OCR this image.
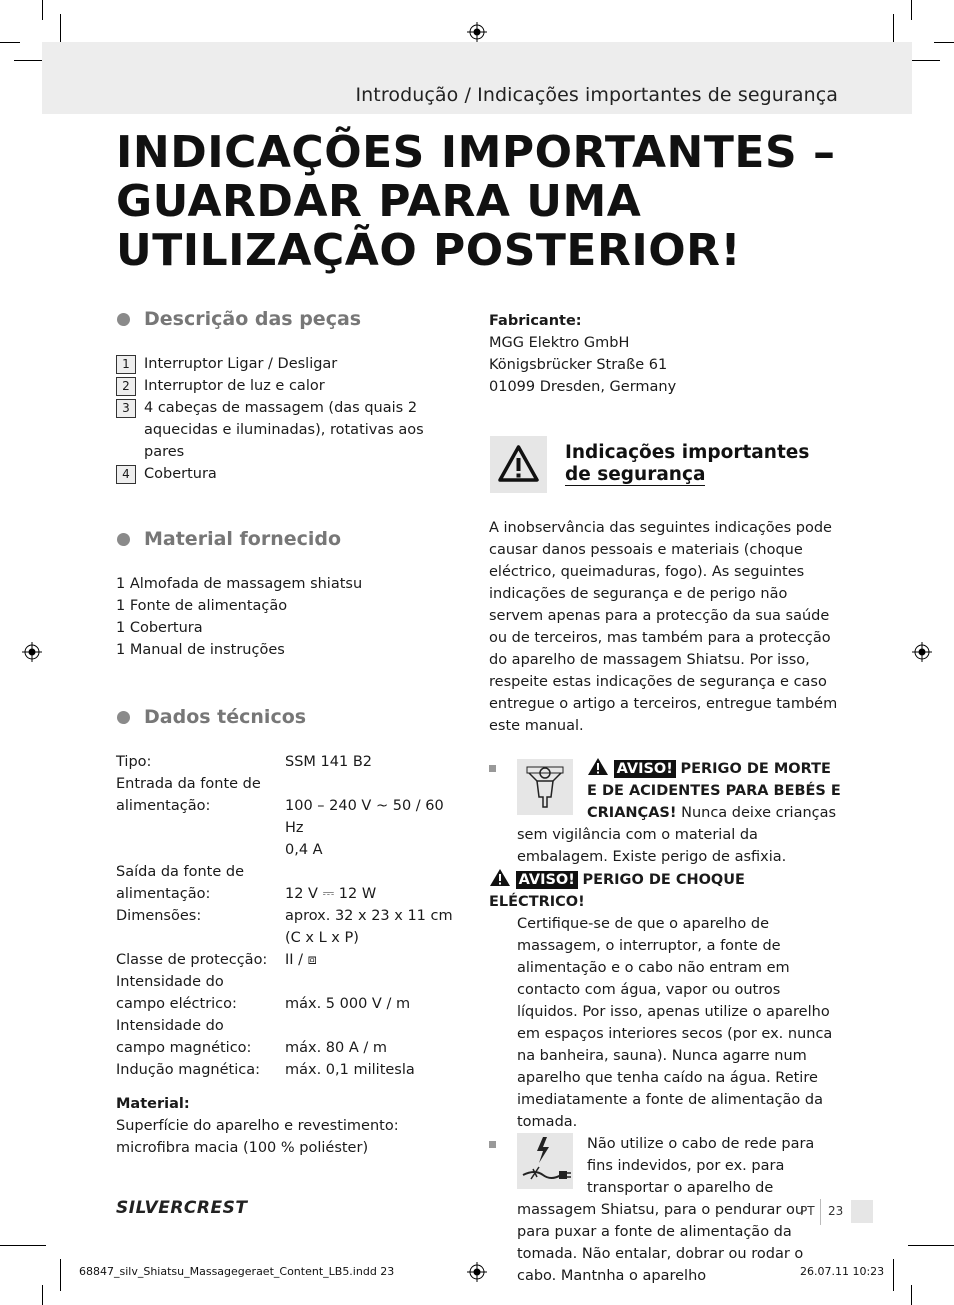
Introdução / Indicações importantes de segurança
INDICAÇÕES IMPORTANTES – GUARDAR PARA UMA UTILIZAÇÃO POSTERIOR!
Descrição das peças
1 Interruptor Ligar / Desligar
2 Interruptor de luz e calor
3 4 cabeças de massagem (das quais 2 aquecidas e iluminadas), rotativas aos pares
4 Cobertura
Material fornecido
1 Almofada de massagem shiatsu
1 Fonte de alimentação
1 Cobertura
1 Manual de instruções
Dados técnicos
Tipo:	SSM 141 B2
Entrada da fonte de
alimentação:	100 – 240 V ~ 50 / 60 Hz
0,4 A
Saída da fonte de
alimentação:	12 V ⎓ 12 W
Dimensões:	aprox. 32 x 23 x 11 cm
(C x L x P)
Classe de protecção:	II / ⧈
Intensidade do
campo eléctrico:	máx. 5 000 V / m
Intensidade do
campo magnético:	máx. 80 A / m
Indução magnética:	máx. 0,1 militesla
Material:
Superfície do aparelho e revestimento:
microfibra macia (100 % poliéster)
Fabricante:
MGG Elektro GmbH
Königsbrücker Straße 61
01099 Dresden, Germany
Indicações importantes
de segurança
A inobservância das seguintes indicações pode causar danos pessoais e materiais (choque eléctrico, queimaduras, fogo). As seguintes indicações de segurança e de perigo não servem apenas para a protecção da sua saúde ou de terceiros, mas também para a protecção do aparelho de massagem Shiatsu. Por isso, respeite estas indicações de segurança e caso entregue o artigo a terceiros, entregue também este manual.
AVISO! PERIGO DE MORTE E DE ACIDENTES PARA BEBÉS E CRIANÇAS! Nunca deixe crianças sem vigilância com o material da embalagem. Existe perigo de asfixia.
AVISO! PERIGO DE CHOQUE ELÉCTRICO!
Certifique-se de que o aparelho de massagem, o interruptor, a fonte de alimentação e o cabo não entram em contacto com água, vapor ou outros líquidos. Por isso, apenas utilize o aparelho em espaços interiores secos (por ex. nunca na banheira, sauna). Nunca agarre num aparelho que tenha caído na água. Retire imediatamente a fonte de alimentação da tomada.
Não utilize o cabo de rede para fins indevidos, por ex. para transportar o aparelho de massagem Shiatsu, para o pendurar ou para puxar a fonte de alimentação da tomada. Não entalar, dobrar ou rodar o cabo. Mantnha o aparelho
SILVERCREST	PT 23
68847_silv_Shiatsu_Massagegeraet_Content_LB5.indd 23	26.07.11 10:23
